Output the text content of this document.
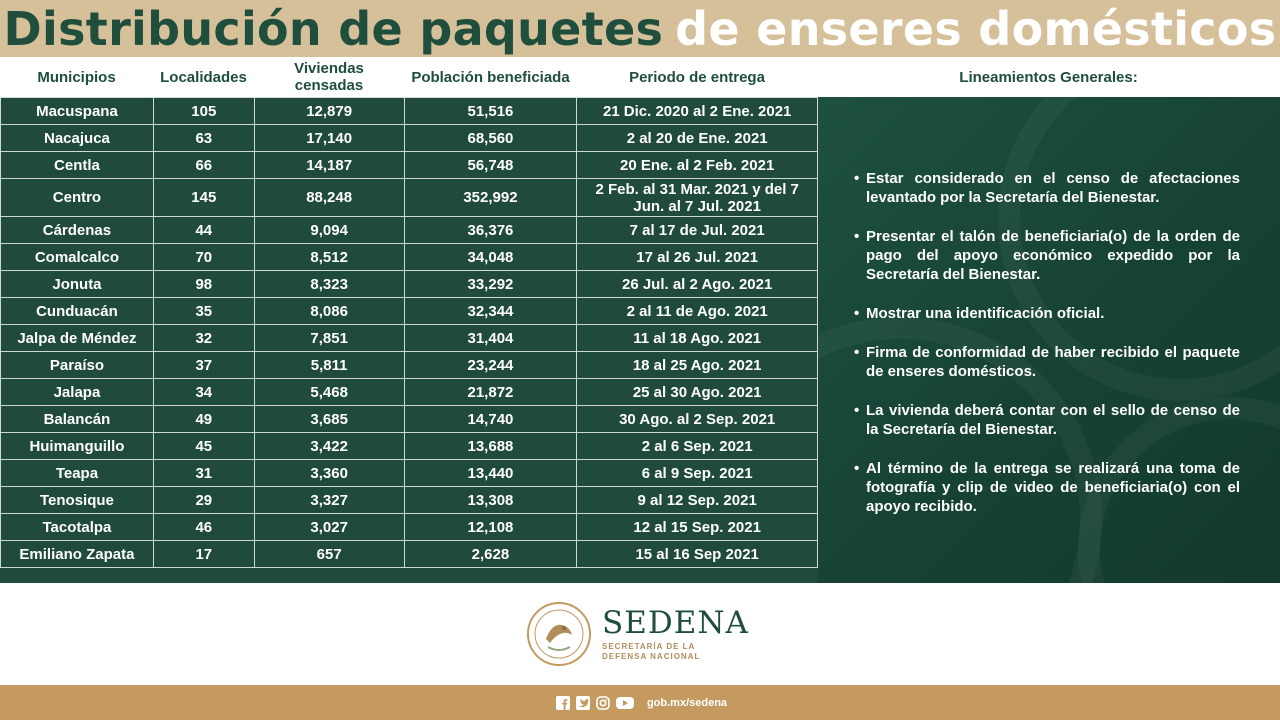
Distribución de paquetes de enseres domésticos
Municipios	Localidades	Viviendas censadas	Población beneficiada	Periodo de entrega	Lineamientos Generales:
Macuspana	105	12,879	51,516	21 Dic. 2020 al 2 Ene. 2021
Nacajuca	63	17,140	68,560	2 al 20 de Ene. 2021
Centla	66	14,187	56,748	20 Ene. al 2 Feb. 2021
Centro	145	88,248	352,992	2 Feb. al 31 Mar. 2021 y del 7 Jun. al 7 Jul. 2021
Cárdenas	44	9,094	36,376	7 al 17 de Jul. 2021
Comalcalco	70	8,512	34,048	17 al 26 Jul. 2021
Jonuta	98	8,323	33,292	26 Jul. al 2 Ago. 2021
Cunduacán	35	8,086	32,344	2 al 11 de Ago. 2021
Jalpa de Méndez	32	7,851	31,404	11 al 18 Ago. 2021
Paraíso	37	5,811	23,244	18 al 25 Ago. 2021
Jalapa	34	5,468	21,872	25 al 30 Ago. 2021
Balancán	49	3,685	14,740	30 Ago. al 2 Sep. 2021
Huimanguillo	45	3,422	13,688	2 al 6 Sep. 2021
Teapa	31	3,360	13,440	6 al 9 Sep. 2021
Tenosique	29	3,327	13,308	9 al 12 Sep. 2021
Tacotalpa	46	3,027	12,108	12 al 15 Sep. 2021
Emiliano Zapata	17	657	2,628	15 al 16 Sep 2021
• Estar considerado en el censo de afectaciones levantado por la Secretaría del Bienestar.
• Presentar el talón de beneficiaria(o) de la orden de pago del apoyo económico expedido por la Secretaría del Bienestar.
• Mostrar una identificación oficial.
• Firma de conformidad de haber recibido el paquete de enseres domésticos.
• La vivienda deberá contar con el sello de censo de la Secretaría del Bienestar.
• Al término de la entrega se realizará una toma de fotografía y clip de video de beneficiaria(o) con el apoyo recibido.
SEDENA
SECRETARÍA DE LA
DEFENSA NACIONAL
gob.mx/sedena
